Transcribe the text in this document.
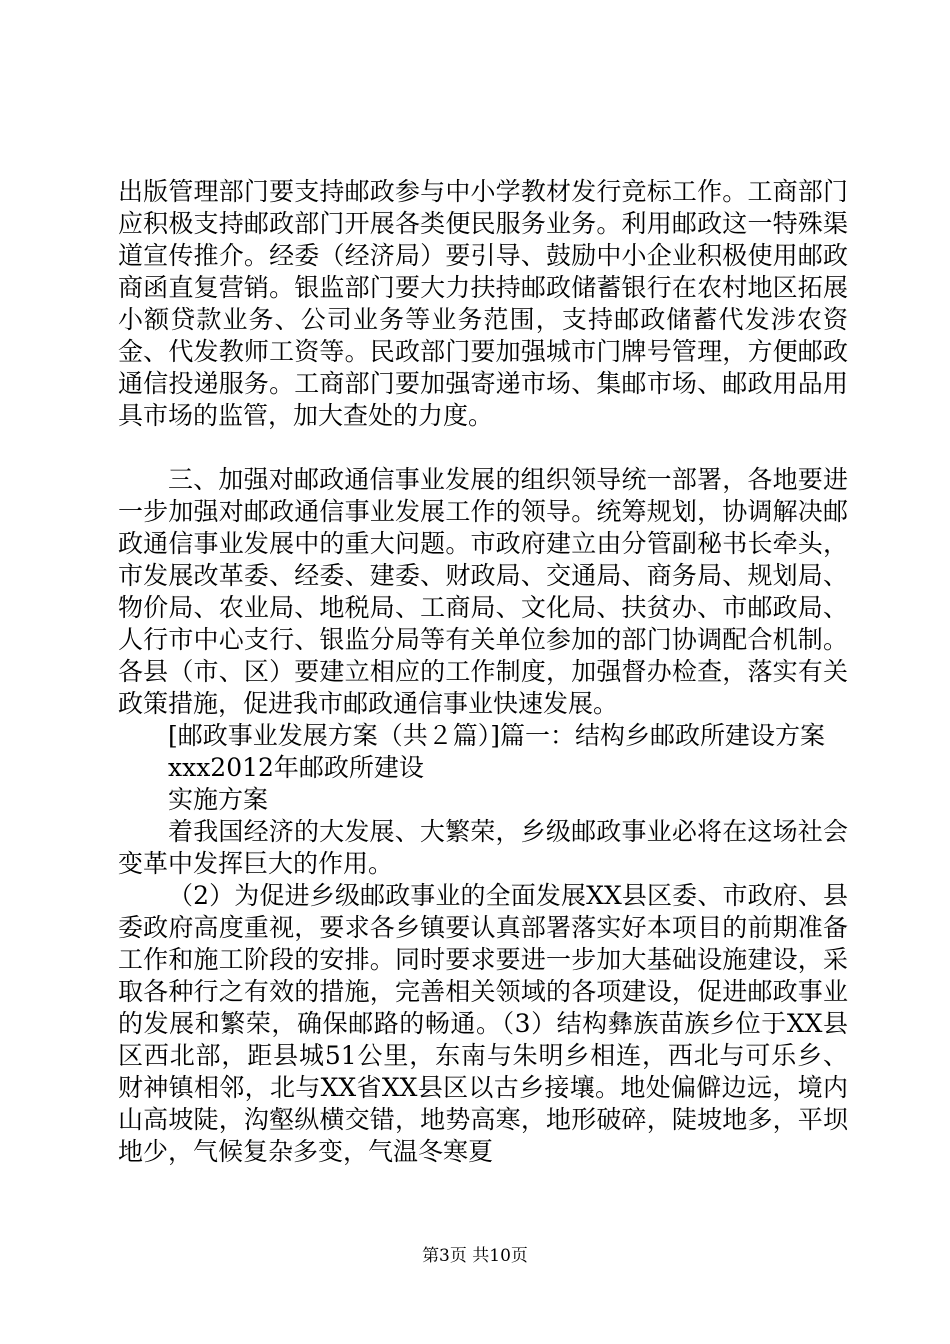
出版管理部门要支持邮政参与中小学教材发行竞标工作。工商部门应积极支持邮政部门开展各类便民服务业务。利用邮政这一特殊渠道宣传推介。经委（经济局）要引导、鼓励中小企业积极使用邮政商函直复营销。银监部门要大力扶持邮政储蓄银行在农村地区拓展小额贷款业务、公司业务等业务范围，支持邮政储蓄代发涉农资金、代发教师工资等。民政部门要加强城市门牌号管理，方便邮政通信投递服务。工商部门要加强寄递市场、集邮市场、邮政用品用具市场的监管，加大查处的力度。

三、加强对邮政通信事业发展的组织领导统一部署，各地要进一步加强对邮政通信事业发展工作的领导。统筹规划，协调解决邮政通信事业发展中的重大问题。市政府建立由分管副秘书长牵头，市发展改革委、经委、建委、财政局、交通局、商务局、规划局、物价局、农业局、地税局、工商局、文化局、扶贫办、市邮政局、人行市中心支行、银监分局等有关单位参加的部门协调配合机制。各县（市、区）要建立相应的工作制度，加强督办检查，落实有关政策措施，促进我市邮政通信事业快速发展。

[邮政事业发展方案（共２篇）]篇一：结构乡邮政所建设方案

xxx2012年邮政所建设

实施方案

着我国经济的大发展、大繁荣，乡级邮政事业必将在这场社会变革中发挥巨大的作用。

（2）为促进乡级邮政事业的全面发展XX县区委、市政府、县委政府高度重视，要求各乡镇要认真部署落实好本项目的前期准备工作和施工阶段的安排。同时要求要进一步加大基础设施建设，采取各种行之有效的措施，完善相关领域的各项建设，促进邮政事业的发展和繁荣，确保邮路的畅通。（3）结构彝族苗族乡位于XX县区西北部，距县城51公里，东南与朱明乡相连，西北与可乐乡、财神镇相邻，北与XX省XX县区以古乡接壤。地处偏僻边远，境内山高坡陡，沟壑纵横交错，地势高寒，地形破碎，陡坡地多，平坝地少，气候复杂多变，气温冬寒夏

第3页 共10页
